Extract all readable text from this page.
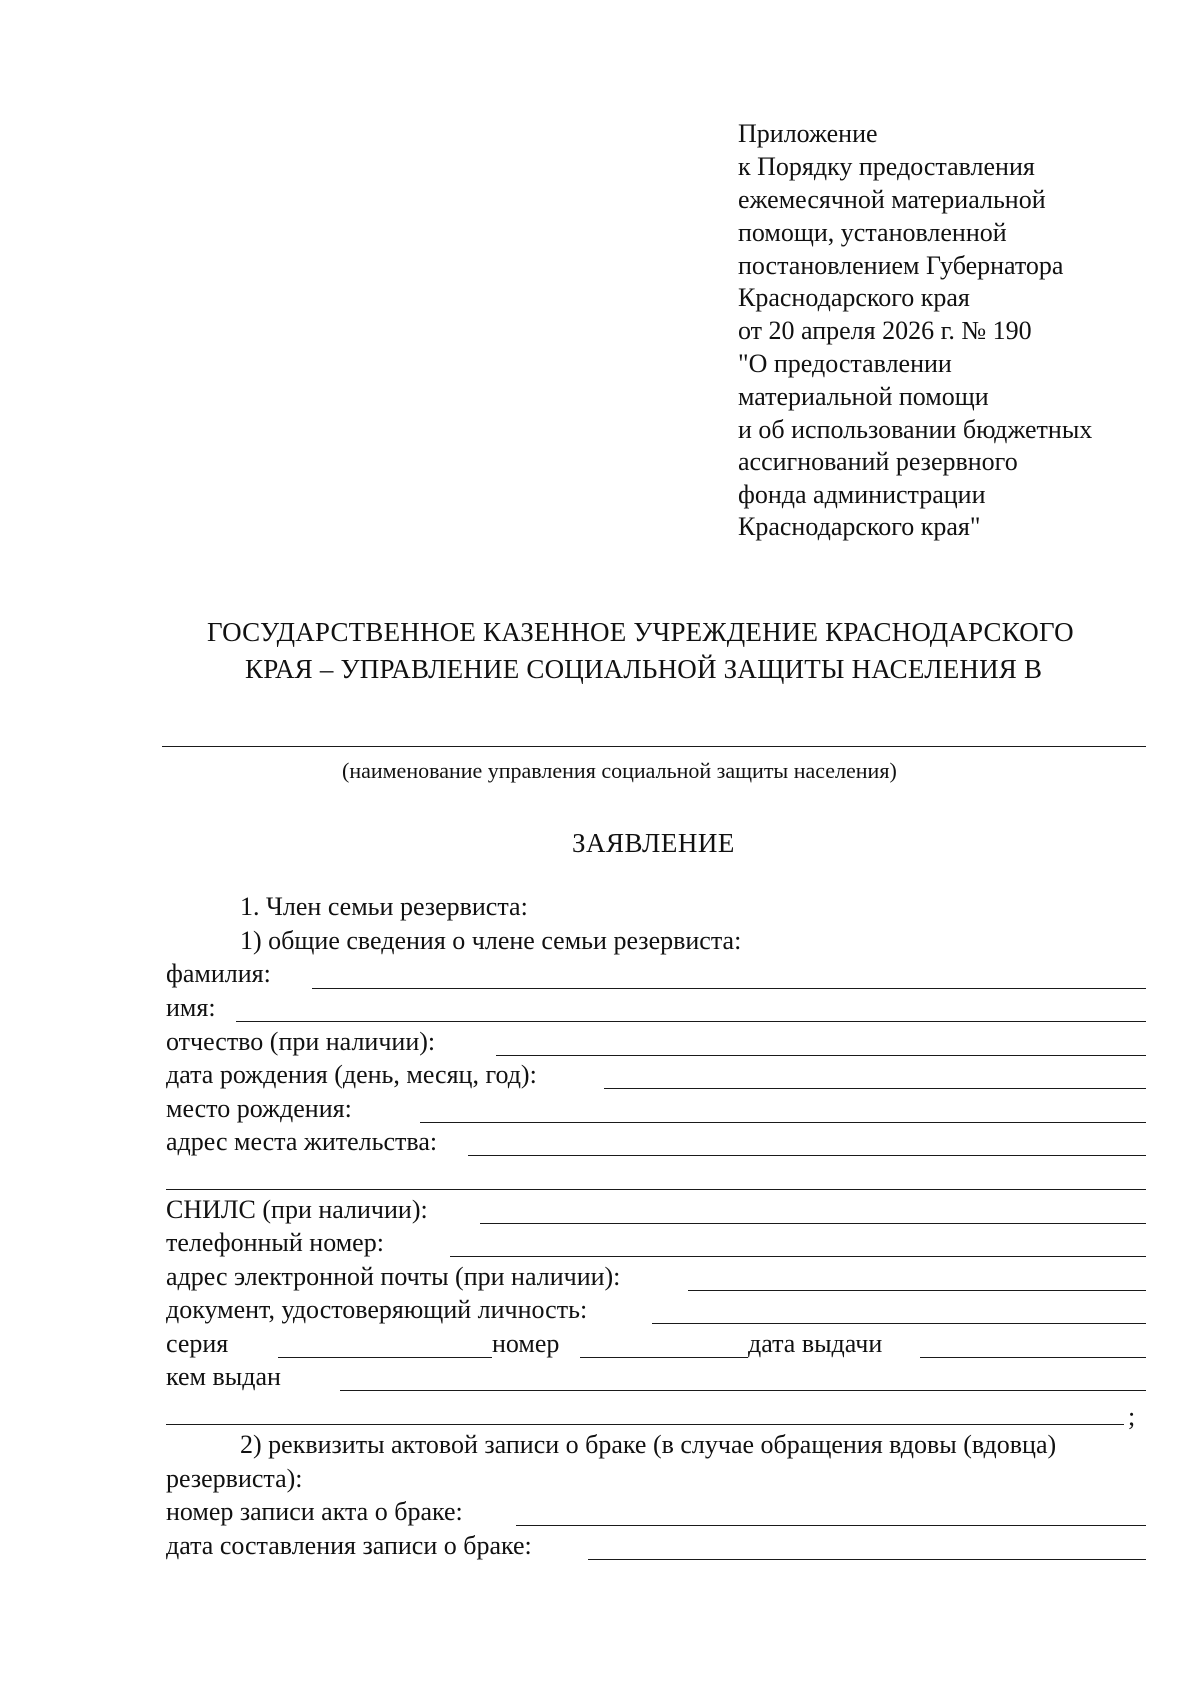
Приложение
к Порядку предоставления
ежемесячной материальной
помощи, установленной
постановлением Губернатора
Краснодарского края
от 20 апреля 2026 г. № 190
"О предоставлении
материальной помощи
и об использовании бюджетных
ассигнований резервного
фонда администрации
Краснодарского края"
ГОСУДАРСТВЕННОЕ КАЗЕННОЕ УЧРЕЖДЕНИЕ КРАСНОДАРСКОГО
КРАЯ – УПРАВЛЕНИЕ СОЦИАЛЬНОЙ ЗАЩИТЫ НАСЕЛЕНИЯ В
(наименование управления социальной защиты населения)
ЗАЯВЛЕНИЕ
1. Член семьи резервиста:
1) общие сведения о члене семьи резервиста:
фамилия:
имя:
отчество (при наличии):
дата рождения (день, месяц, год):
место рождения:
адрес места жительства:
СНИЛС (при наличии):
телефонный номер:
адрес электронной почты (при наличии):
документ, удостоверяющий личность:
серия	номер	дата выдачи
кем выдан
;
2) реквизиты актовой записи о браке (в случае обращения вдовы (вдовца)
резервиста):
номер записи акта о браке:
дата составления записи о браке:
